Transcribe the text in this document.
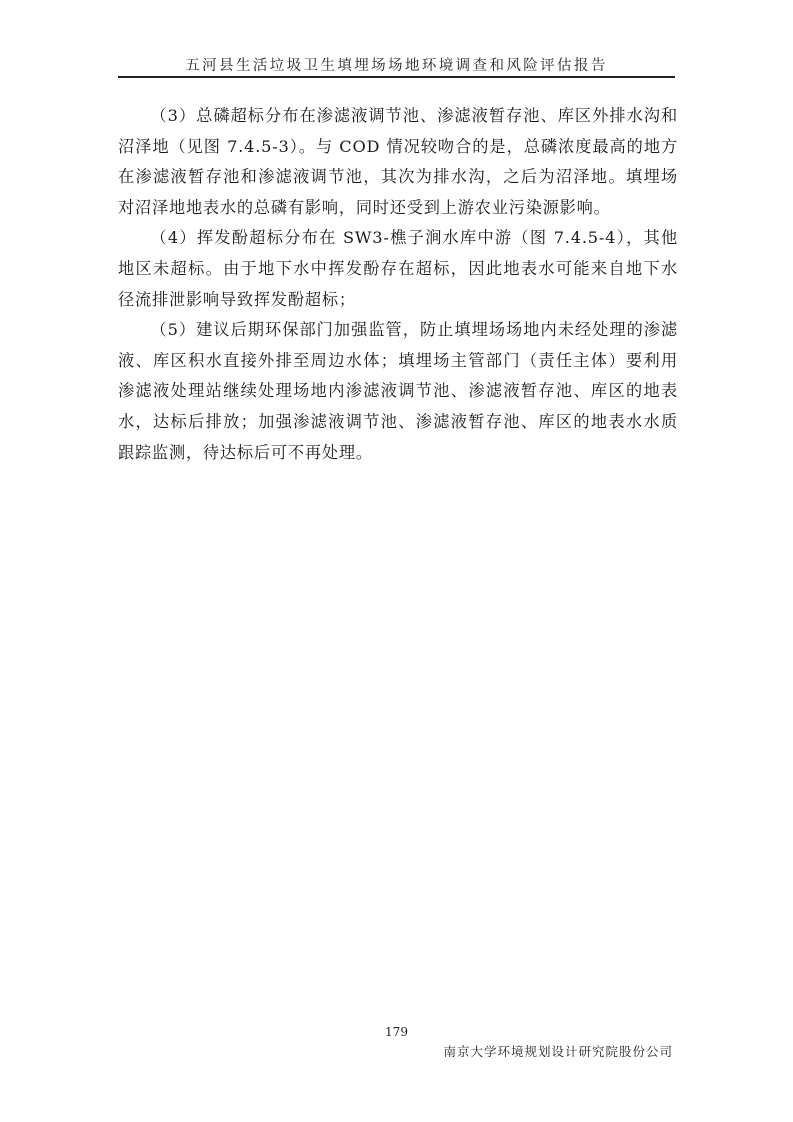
五河县生活垃圾卫生填埋场场地环境调查和风险评估报告

（3）总磷超标分布在渗滤液调节池、渗滤液暂存池、库区外排水沟和沼泽地（见图 7.4.5-3）。与 COD 情况较吻合的是，总磷浓度最高的地方在渗滤液暂存池和渗滤液调节池，其次为排水沟，之后为沼泽地。填埋场对沼泽地地表水的总磷有影响，同时还受到上游农业污染源影响。

（4）挥发酚超标分布在 SW3-樵子涧水库中游（图 7.4.5-4），其他地区未超标。由于地下水中挥发酚存在超标，因此地表水可能来自地下水径流排泄影响导致挥发酚超标；

（5）建议后期环保部门加强监管，防止填埋场场地内未经处理的渗滤液、库区积水直接外排至周边水体；填埋场主管部门（责任主体）要利用渗滤液处理站继续处理场地内渗滤液调节池、渗滤液暂存池、库区的地表水，达标后排放；加强渗滤液调节池、渗滤液暂存池、库区的地表水水质跟踪监测，待达标后可不再处理。

179
南京大学环境规划设计研究院股份公司
